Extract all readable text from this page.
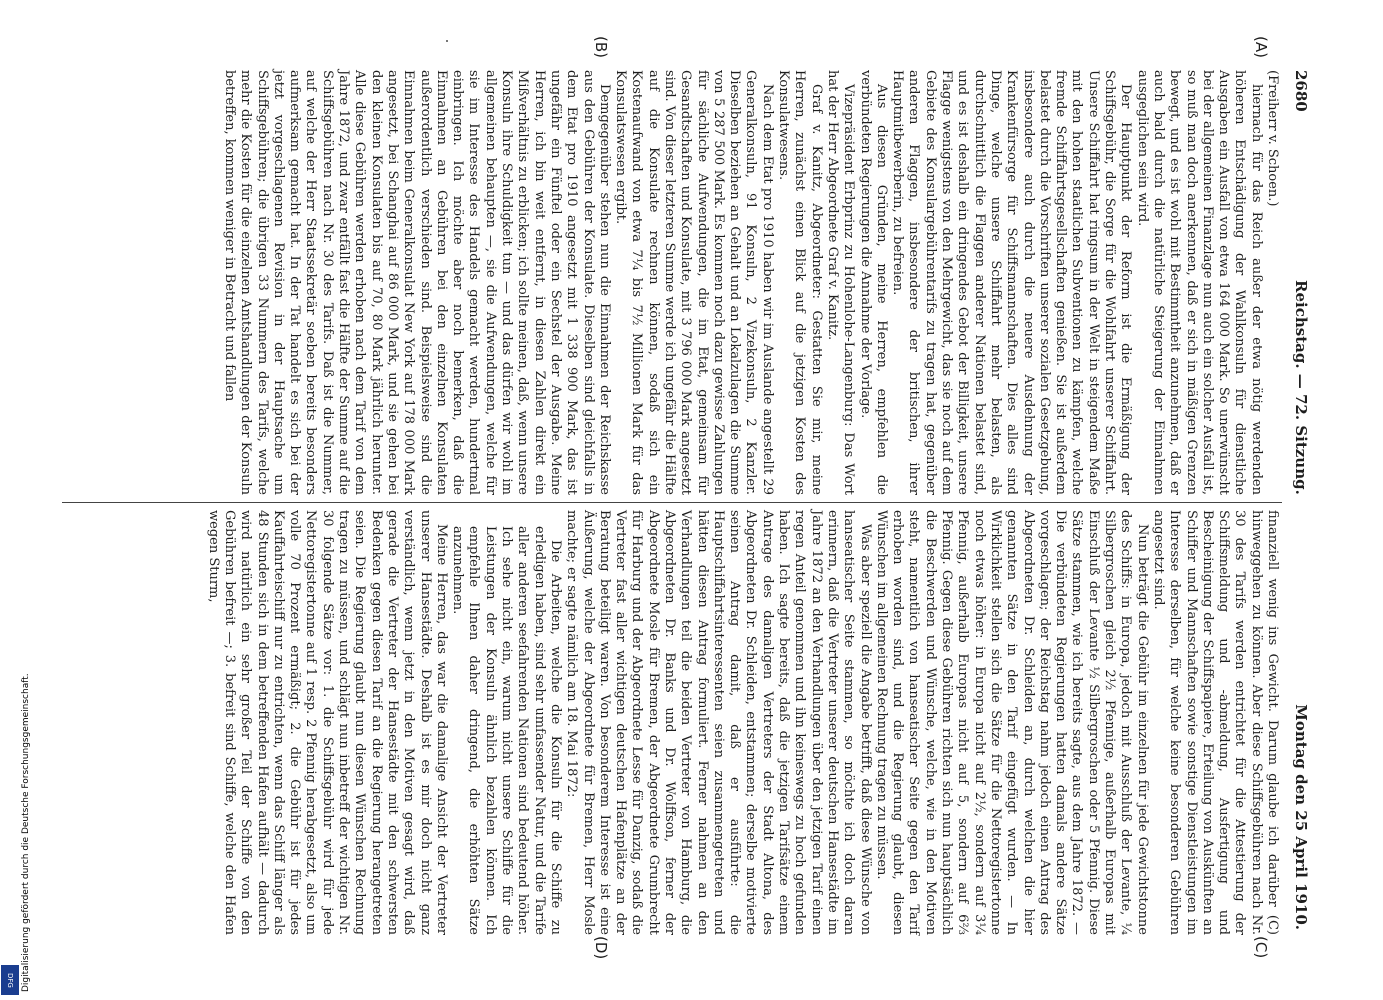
2680
Reichstag. — 72. Sitzung.
Montag den 25 April 1910.
(A)
(B)
(C)
(D)

(Freiherr v. Schoen.)

hiernach für das Reich außer der etwa nötig werdenden höheren Entschädigung der Wahlkonsuln für dienstliche Ausgaben ein Ausfall von etwa 164 000 Mark. So unerwünscht bei der allgemeinen Finanzlage nun auch ein solcher Ausfall ist, so muß man doch anerkennen, daß er sich in mäßigen Grenzen bewegt, und es ist wohl mit Bestimmtheit anzunehmen, daß er auch bald durch die natürliche Steigerung der Einnahmen ausgeglichen sein wird.

Der Hauptpunkt der Reform ist die Ermäßigung der Schiffsgebühr, die Sorge für die Wohlfahrt unserer Schiffahrt. Unsere Schiffahrt hat ringsum in der Welt in steigendem Maße mit den hohen staatlichen Subventionen zu kämpfen, welche fremde Schiffahrtsgesellschaften genießen. Sie ist außerdem belastet durch die Vorschriften unserer sozialen Gesetzgebung, insbesondere auch durch die neuere Ausdehnung der Krankenfürsorge für Schiffsmannschaften. Dies alles sind Dinge, welche unsere Schiffahrt mehr belasten, als durchschnittlich die Flaggen anderer Nationen belastet sind, und es ist deshalb ein dringendes Gebot der Billigkeit, unsere Flagge wenigstens von den Mehrgewicht, das sie noch auf dem Gebiete des Konsulargebührentarifs zu tragen hat, gegenüber anderen Flaggen, insbesondere der britischen, ihrer Hauptmitbewerberin, zu befreien.

Aus diesen Gründen, meine Herren, empfehlen die verbündeten Regierungen die Annahme der Vorlage.

Vizepräsident Erbprinz zu Hohenlohe-Langenburg: Das Wort hat der Herr Abgeordnete Graf v. Kanitz.

Graf v. Kanitz, Abgeordneter: Gestatten Sie mir, meine Herren, zunächst einen Blick auf die jetzigen Kosten des Konsulatwesens.

Nach dem Etat pro 1910 haben wir im Auslande angestellt 29 Generalkonsuln, 91 Konsuln, 2 Vizekonsuln, 2 Kanzler. Dieselben beziehen an Gehalt und an Lokalzulagen die Summe von 5 287 500 Mark. Es kommen noch dazu gewisse Zahlungen für sächliche Aufwendungen, die im Etat, gemeinsam für Gesandtschaften und Konsulate, mit 3 796 000 Mark angesetzt sind. Von dieser letzteren Summe werde ich ungefähr die Hälfte auf die Konsulate rechnen können, sodaß sich ein Kostenaufwand von etwa 7¼ bis 7½ Millionen Mark für das Konsulatswesen ergibt.

Demgegenüber stehen nun die Einnahmen der Reichskasse aus den Gebühren der Konsulate. Dieselben sind gleichfalls in dem Etat pro 1910 angesetzt mit 1 338 900 Mark, das ist ungefähr ein Fünftel oder ein Sechstel der Ausgabe. Meine Herren, ich bin weit entfernt, in diesen Zahlen direkt ein Mißverhältnis zu erblicken; ich sollte meinen, daß, wenn unsere Konsuln ihre Schuldigkeit tun — und das dürfen wir wohl im allgemeinen behaupten —, sie die Aufwendungen, welche für sie im Interesse des Handels gemacht werden, hundertmal einbringen. Ich möchte aber noch bemerken, daß die Einnahmen an Gebühren bei den einzelnen Konsulaten außerordentlich verschieden sind. Beispielsweise sind die Einnahmen beim Generalkonsulat New York auf 178 000 Mark angesetzt, bei Schanghai auf 86 000 Mark, und sie gehen bei den kleinen Konsulaten bis auf 70, 80 Mark jährlich herunter. Alle diese Gebühren werden erhoben nach dem Tarif von dem Jahre 1872, und zwar entfällt fast die Hälfte der Summe auf die Schiffsgebühren nach Nr. 30 des Tarifs. Daß ist die Nummer, auf welche der Herr Staatssekretär soeben bereits besonders aufmerksam gemacht hat. In der Tat handelt es sich bei der jetzt vorgeschlagenen Revision in der Hauptsache um Schiffsgebühren; die übrigen 33 Nummern des Tarifs, welche mehr die Kosten für die einzelnen Amtshandlungen der Konsuln betreffen, kommen weniger in Betracht und fallen

finanziell wenig ins Gewicht. Darum glaube ich darüber (C) hinweggehen zu können. Aber diese Schiffsgebühren nach Nr. 30 des Tarifs werden entrichtet für die Attestierung der Schiffsmeldung und -abmeldung, Ausfertigung und Bescheinigung der Schiffspapiere, Erteilung von Auskünften an Schiffer und Mannschaften sowie sonstige Dienstleistungen im Interesse derselben, für welche keine besonderen Gebühren angesetzt sind.

Nun beträgt die Gebühr im einzelnen für jede Gewichtstonne des Schiffs: in Europa, jedoch mit Ausschluß der Levante, ¼ Silbergroschen gleich 2½ Pfennige, außerhalb Europas mit Einschluß der Levante ½ Silbergroschen oder 5 Pfennig. Diese Sätze stammen, wie ich bereits sagte, aus dem Jahre 1872. — Die verbündeten Regierungen hatten damals andere Sätze vorgeschlagen; der Reichstag nahm jedoch einen Antrag des Abgeordneten Dr. Schleiden an, durch welchen die hier genannten Sätze in den Tarif eingefügt wurden. — In Wirklichkeit stellen sich die Sätze für die Nettoregistertonne noch etwas höher: in Europa nicht auf 2½, sondern auf 3¼ Pfennig, außerhalb Europas nicht auf 5, sondern auf 6⅔ Pfennig. Gegen diese Gebühren richten sich nun hauptsächlich die Beschwerden und Wünsche, welche, wie in den Motiven steht, namentlich von hanseatischer Seite gegen den Tarif erhoben worden sind, und die Regierung glaubt, diesen Wünschen im allgemeinen Rechnung tragen zu müssen.

Was aber speziell die Angabe betrifft, daß diese Wünsche von hanseatischer Seite stammen, so möchte ich doch daran erinnern, daß die Vertreter unserer deutschen Hansestädte im Jahre 1872 an den Verhandlungen über den jetzigen Tarif einen regen Anteil genommen und ihn keineswegs zu hoch gefunden haben. Ich sagte bereits, daß die jetzigen Tarifsätze einem Antrage des damaligen Vertreters der Stadt Altona, des Abgeordneten Dr. Schleiden, entstammen; derselbe motivierte seinen Antrag damit, daß er ausführte: die Hauptschiffahrtsinteressenten seien zusammengetreten und hätten diesen Antrag formuliert. Ferner nahmen an den Verhandlungen teil die beiden Vertreter von Hamburg, die Abgeordneten Dr. Banks und Dr. Wolffson, ferner der Abgeordnete Mosle für Bremen, der Abgeordnete Grumbrecht für Harburg und der Abgeordnete Lesse für Danzig, sodaß die Vertreter fast aller wichtigen deutschen Hafenplätze an der Beratung beteiligt waren. Von besonderem Interesse ist eine Äußerung, welche der Abgeordnete für Bremen, Herr Mosle machte; er sagte nämlich am 18. Mai 1872:

Die Arbeiten, welche die Konsuln für die Schiffe zu erledigen haben, sind sehr umfassender Natur, und die Tarife aller anderen seefahrenden Nationen sind bedeutend höher. Ich sehe nicht ein, warum nicht unsere Schiffe für die Leistungen der Konsuln ähnlich bezahlen können. Ich empfehle Ihnen daher dringend, die erhöhten Sätze anzunehmen.

Meine Herren, das war die damalige Ansicht der Vertreter unserer Hansestädte. Deshalb ist es mir doch nicht ganz verständlich, wenn jetzt in den Motiven gesagt wird, daß gerade die Vertreter der Hansestädte mit den schwersten Bedenken gegen diesen Tarif an die Regierung herangetreten seien. Die Regierung glaubt nun diesen Wünschen Rechnung tragen zu müssen, und schlägt nun inbetreff der wichtigen Nr. 30 folgende Sätze vor: 1. die Schiffsgebühr wird für jede Nettoregistertonne auf 1 resp. 2 Pfennig herabgesetzt, also um volle 70 Prozent ermäßigt; 2. die Gebühr ist für jedes Kauffahrteischiff nur zu entrichten, wenn das Schiff länger als 48 Stunden sich in dem betreffenden Hafen aufhält — dadurch wird natürlich ein sehr großer Teil der Schiffe von den Gebühren befreit —; 3. befreit sind Schiffe, welche den Hafen wegen Sturm,

Digitalisierung gefördert durch die Deutsche Forschungsgemeinschaft.
DFG
